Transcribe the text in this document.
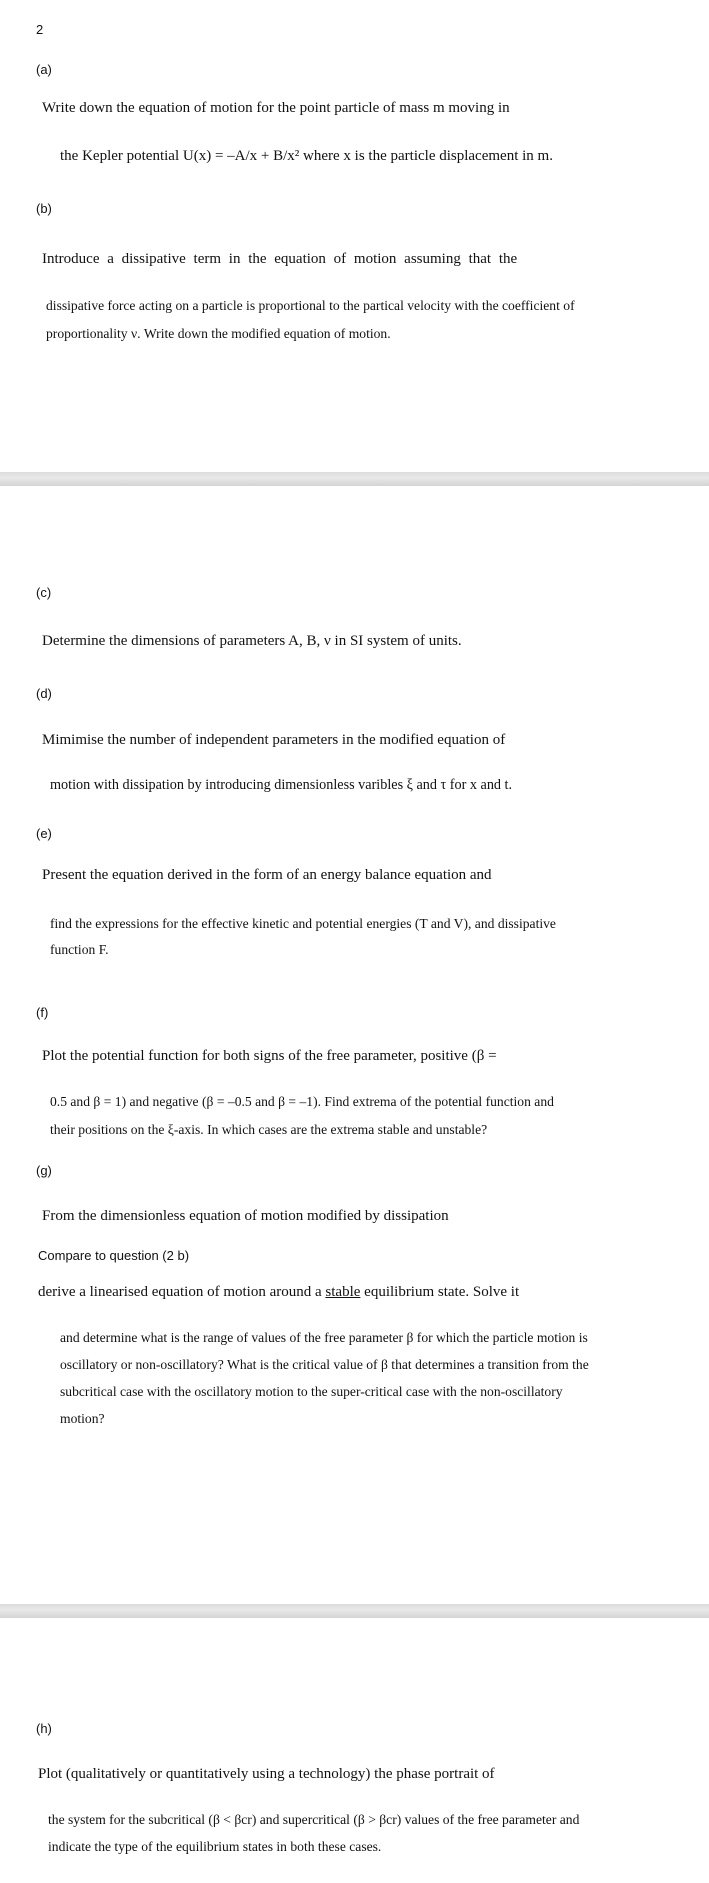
2
(a)
Write down the equation of motion for the point particle of mass m moving in
the Kepler potential U(x) = –A/x + B/x² where x is the particle displacement in m.
(b)
Introduce a dissipative term in the equation of motion assuming that the
dissipative force acting on a particle is proportional to the partical velocity with the coefficient of
proportionality ν. Write down the modified equation of motion.
(c)
Determine the dimensions of parameters A, B, ν in SI system of units.
(d)
Mimimise the number of independent parameters in the modified equation of
motion with dissipation by introducing dimensionless varibles ξ and τ for x and t.
(e)
Present the equation derived in the form of an energy balance equation and
find the expressions for the effective kinetic and potential energies (T and V), and dissipative
function F.
(f)
Plot the potential function for both signs of the free parameter, positive (β =
0.5 and β = 1) and negative (β = –0.5 and β = –1). Find extrema of the potential function and
their positions on the ξ-axis. In which cases are the extrema stable and unstable?
(g)
From the dimensionless equation of motion modified by dissipation
Compare to question (2 b)
derive a linearised equation of motion around a stable equilibrium state. Solve it
and determine what is the range of values of the free parameter β for which the particle motion is
oscillatory or non-oscillatory? What is the critical value of β that determines a transition from the
subcritical case with the oscillatory motion to the super-critical case with the non-oscillatory
motion?
(h)
Plot (qualitatively or quantitatively using a technology) the phase portrait of
the system for the subcritical (β < βcr) and supercritical (β > βcr) values of the free parameter and
indicate the type of the equilibrium states in both these cases.
